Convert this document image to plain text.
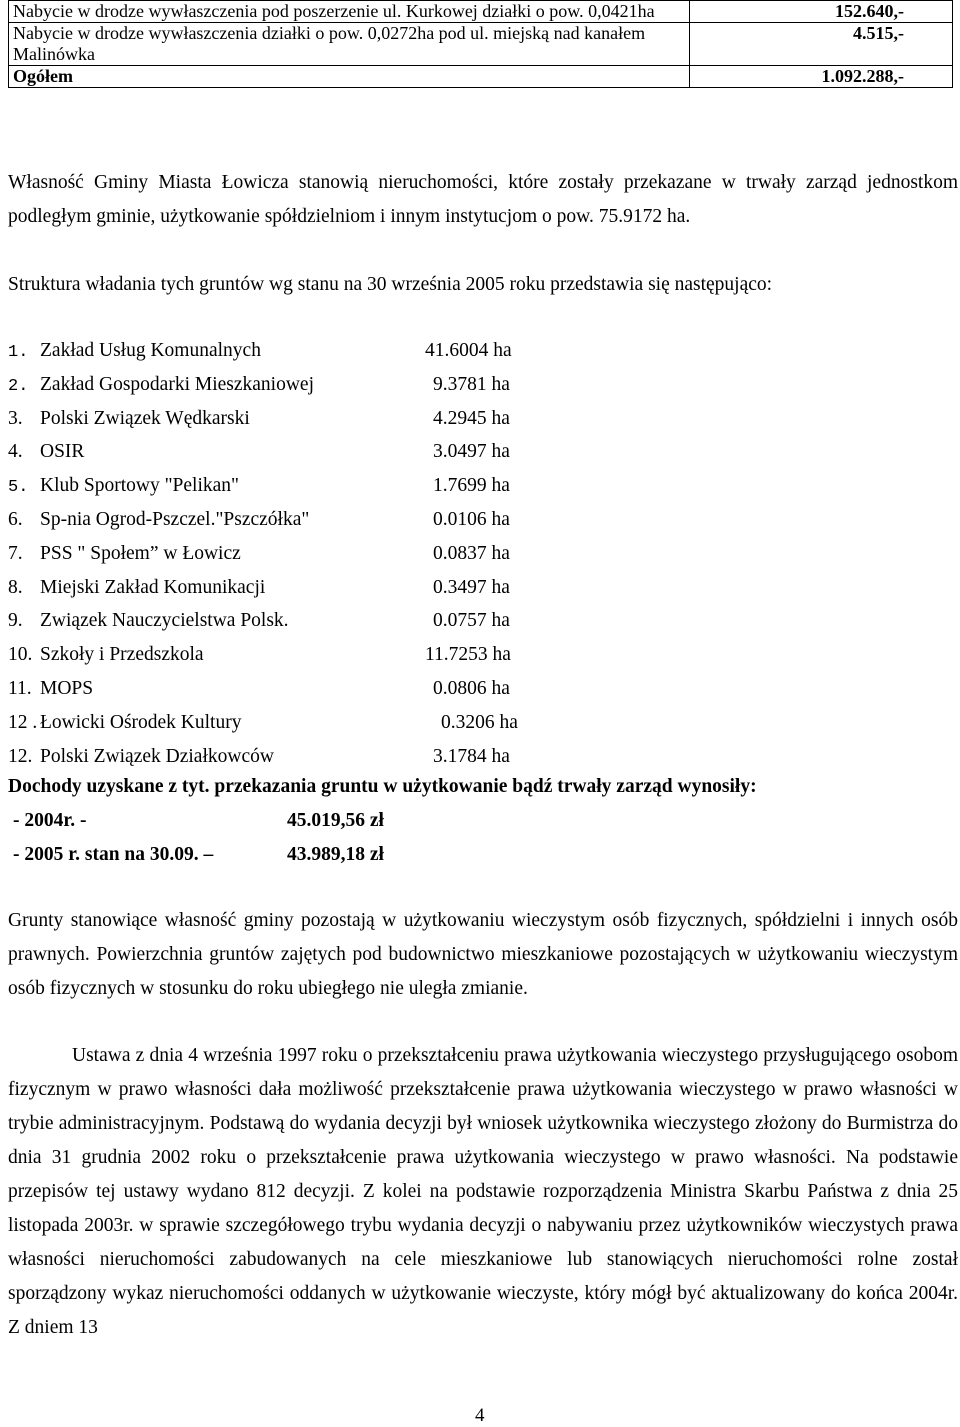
Nabycie w drodze wywłaszczenia pod poszerzenie ul. Kurkowej działki o pow. 0,0421ha	152.640,-
Nabycie w drodze wywłaszczenia działki o pow. 0,0272ha pod ul. miejską nad kanałem Malinówka	4.515,-
Ogółem	1.092.288,-

Własność Gminy Miasta Łowicza stanowią nieruchomości, które zostały przekazane w trwały zarząd jednostkom podległym gminie, użytkowanie spółdzielniom i innym instytucjom o pow. 75.9172 ha.

Struktura władania tych gruntów wg stanu na 30 września 2005 roku przedstawia się następująco:

1. Zakład Usług Komunalnych	41.6004 ha
2. Zakład Gospodarki Mieszkaniowej	9.3781 ha
3. Polski Związek Wędkarski	4.2945 ha
4. OSIR	3.0497 ha
5. Klub Sportowy "Pelikan"	1.7699 ha
6. Sp-nia Ogrod-Pszczel."Pszczółka"	0.0106 ha
7. PSS " Społem” w Łowicz	0.0837 ha
8. Miejski Zakład Komunikacji	0.3497 ha
9. Związek Nauczycielstwa Polsk.	0.0757 ha
10. Szkoły i Przedszkola	11.7253 ha
11. MOPS	0.0806 ha
12 . Łowicki Ośrodek Kultury	0.3206 ha
12. Polski Związek Działkowców	3.1784 ha
Dochody uzyskane z tyt. przekazania gruntu w użytkowanie bądź trwały zarząd wynosiły:
- 2004r. -	45.019,56 zł
- 2005 r. stan na 30.09. –	43.989,18 zł

Grunty stanowiące własność gminy pozostają w użytkowaniu wieczystym osób fizycznych, spółdzielni i innych osób prawnych. Powierzchnia gruntów zajętych pod budownictwo mieszkaniowe pozostających w użytkowaniu wieczystym osób fizycznych w stosunku do roku ubiegłego nie uległa zmianie.

Ustawa z dnia 4 września 1997 roku o przekształceniu prawa użytkowania wieczystego przysługującego osobom fizycznym w prawo własności dała możliwość przekształcenie prawa użytkowania wieczystego w prawo własności w trybie administracyjnym. Podstawą do wydania decyzji był wniosek użytkownika wieczystego złożony do Burmistrza do dnia 31 grudnia 2002 roku o przekształcenie prawa użytkowania wieczystego w prawo własności. Na podstawie przepisów tej ustawy wydano 812 decyzji. Z kolei na podstawie rozporządzenia Ministra Skarbu Państwa z dnia 25 listopada 2003r. w sprawie szczegółowego trybu wydania decyzji o nabywaniu przez użytkowników wieczystych prawa własności nieruchomości zabudowanych na cele mieszkaniowe lub stanowiących nieruchomości rolne został sporządzony wykaz nieruchomości oddanych w użytkowanie wieczyste, który mógł być aktualizowany do końca 2004r. Z dniem 13

4
